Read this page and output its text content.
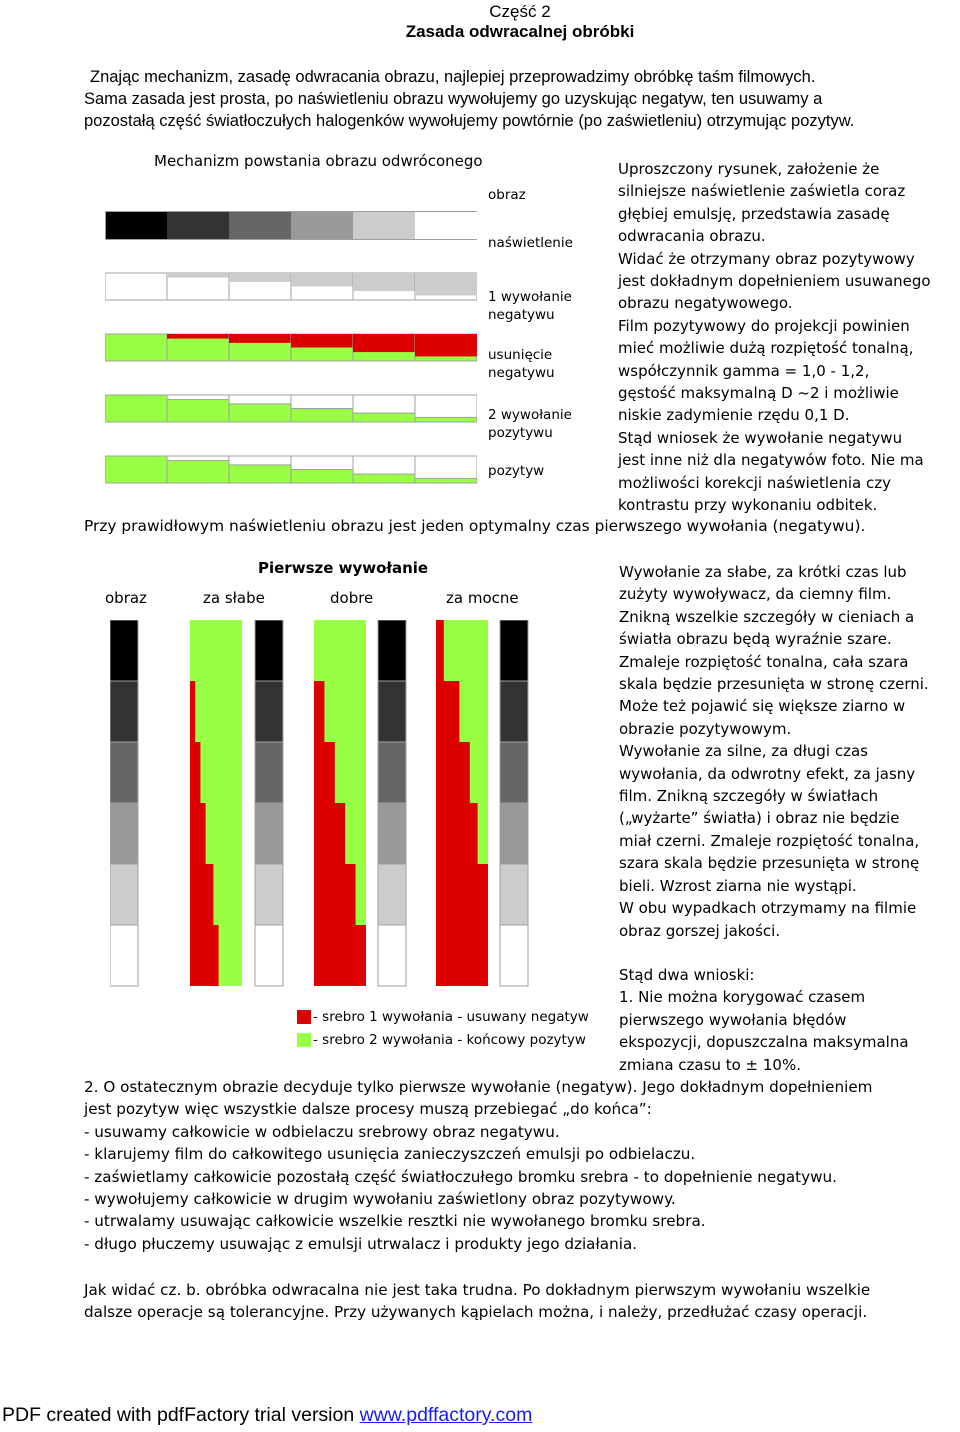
Część 2
Zasada odwracalnej obróbki
Znając mechanizm, zasadę odwracania obrazu, najlepiej przeprowadzimy obróbkę taśm filmowych.
Sama zasada jest prosta, po naświetleniu obrazu wywołujemy go uzyskując negatyw, ten usuwamy a
pozostałą część światłoczułych halogenków wywołujemy powtórnie (po zaświetleniu) otrzymując pozytyw.
Mechanizm powstania obrazu odwróconego
obraz
naświetlenie
1 wywołanie
negatywu
usunięcie
negatywu
2 wywołanie
pozytywu
pozytyw
Uproszczony rysunek, założenie że
silniejsze naświetlenie zaświetla coraz
głębiej emulsję, przedstawia zasadę
odwracania obrazu.
Widać że otrzymany obraz pozytywowy
jest dokładnym dopełnieniem usuwanego
obrazu negatywowego.
Film pozytywowy do projekcji powinien
mieć możliwie dużą rozpiętość tonalną,
współczynnik gamma = 1,0 - 1,2,
gęstość maksymalną D ~2 i możliwie
niskie zadymienie rzędu 0,1 D.
Stąd wniosek że wywołanie negatywu
jest inne niż dla negatywów foto. Nie ma
możliwości korekcji naświetlenia czy
kontrastu przy wykonaniu odbitek.
Przy prawidłowym naświetleniu obrazu jest jeden optymalny czas pierwszego wywołania (negatywu).
Pierwsze wywołanie
obraz	za słabe	dobre	za mocne
- srebro 1 wywołania - usuwany negatyw
- srebro 2 wywołania - końcowy pozytyw
Wywołanie za słabe, za krótki czas lub
zużyty wywoływacz, da ciemny film.
Znikną wszelkie szczegóły w cieniach a
światła obrazu będą wyraźnie szare.
Zmaleje rozpiętość tonalna, cała szara
skala będzie przesunięta w stronę czerni.
Może też pojawić się większe ziarno w
obrazie pozytywowym.
Wywołanie za silne, za długi czas
wywołania, da odwrotny efekt, za jasny
film. Znikną szczegóły w światłach
(„wyżarte” światła) i obraz nie będzie
miał czerni. Zmaleje rozpiętość tonalna,
szara skala będzie przesunięta w stronę
bieli. Wzrost ziarna nie wystąpi.
W obu wypadkach otrzymamy na filmie
obraz gorszej jakości.
Stąd dwa wnioski:
1. Nie można korygować czasem
pierwszego wywołania błędów
ekspozycji, dopuszczalna maksymalna
zmiana czasu to ± 10%.
2. O ostatecznym obrazie decyduje tylko pierwsze wywołanie (negatyw). Jego dokładnym dopełnieniem
jest pozytyw więc wszystkie dalsze procesy muszą przebiegać „do końca”:
- usuwamy całkowicie w odbielaczu srebrowy obraz negatywu.
- klarujemy film do całkowitego usunięcia zanieczyszczeń emulsji po odbielaczu.
- zaświetlamy całkowicie pozostałą część światłoczułego bromku srebra - to dopełnienie negatywu.
- wywołujemy całkowicie w drugim wywołaniu zaświetlony obraz pozytywowy.
- utrwalamy usuwając całkowicie wszelkie resztki nie wywołanego bromku srebra.
- długo płuczemy usuwając z emulsji utrwalacz i produkty jego działania.
Jak widać cz. b. obróbka odwracalna nie jest taka trudna. Po dokładnym pierwszym wywołaniu wszelkie
dalsze operacje są tolerancyjne. Przy używanych kąpielach można, i należy, przedłużać czasy operacji.
PDF created with pdfFactory trial version www.pdffactory.com
